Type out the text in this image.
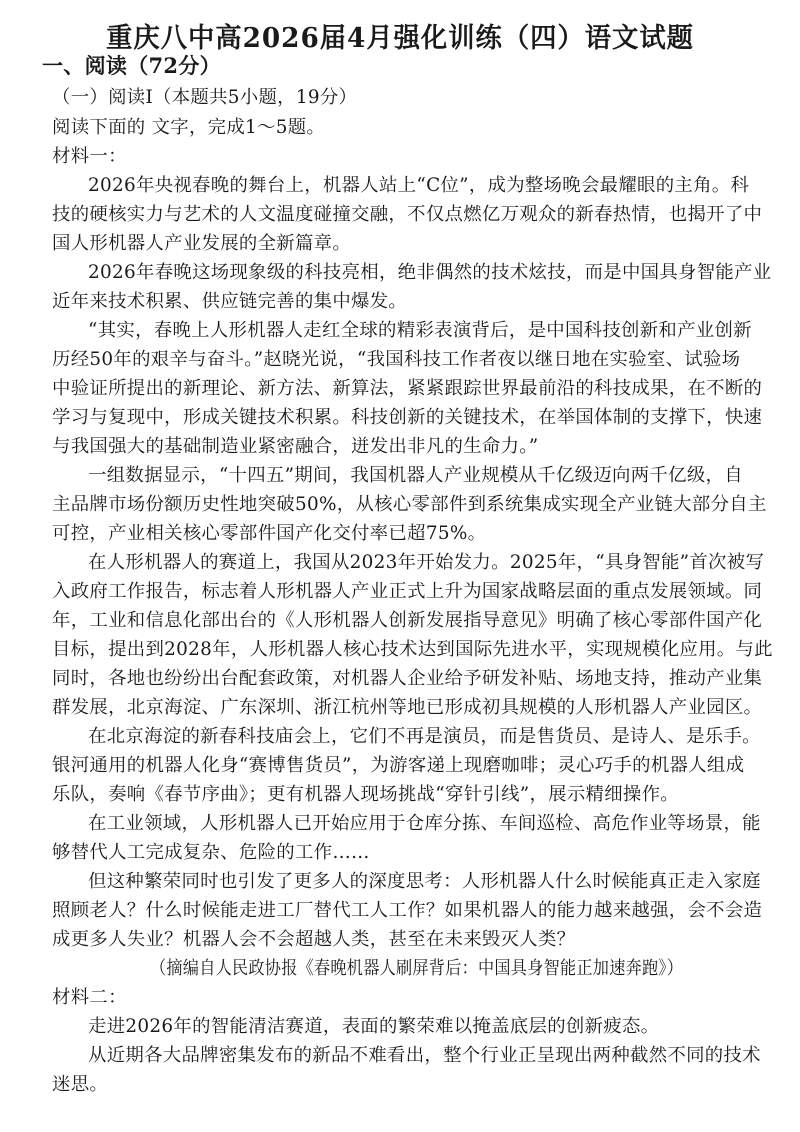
重庆八中高2026届4月强化训练（四）语文试题
一、阅读（72分）
（一）阅读I（本题共5小题，19分）
阅读下面的 文字，完成1～5题。
材料一：
2026年央视春晚的舞台上，机器人站上“C位”，成为整场晚会最耀眼的主角。科
技的硬核实力与艺术的人文温度碰撞交融，不仅点燃亿万观众的新春热情，也揭开了中
国人形机器人产业发展的全新篇章。
2026年春晚这场现象级的科技亮相，绝非偶然的技术炫技，而是中国具身智能产业
近年来技术积累、供应链完善的集中爆发。
“其实，春晚上人形机器人走红全球的精彩表演背后，是中国科技创新和产业创新
历经50年的艰辛与奋斗。”赵晓光说，“我国科技工作者夜以继日地在实验室、试验场
中验证所提出的新理论、新方法、新算法，紧紧跟踪世界最前沿的科技成果，在不断的
学习与复现中，形成关键技术积累。科技创新的关键技术，在举国体制的支撑下，快速
与我国强大的基础制造业紧密融合，迸发出非凡的生命力。”
一组数据显示，“十四五”期间，我国机器人产业规模从千亿级迈向两千亿级，自
主品牌市场份额历史性地突破50%，从核心零部件到系统集成实现全产业链大部分自主
可控，产业相关核心零部件国产化交付率已超75%。
在人形机器人的赛道上，我国从2023年开始发力。2025年，“具身智能”首次被写
入政府工作报告，标志着人形机器人产业正式上升为国家战略层面的重点发展领域。同
年，工业和信息化部出台的《人形机器人创新发展指导意见》明确了核心零部件国产化
目标，提出到2028年，人形机器人核心技术达到国际先进水平，实现规模化应用。与此
同时，各地也纷纷出台配套政策，对机器人企业给予研发补贴、场地支持，推动产业集
群发展，北京海淀、广东深圳、浙江杭州等地已形成初具规模的人形机器人产业园区。
在北京海淀的新春科技庙会上，它们不再是演员，而是售货员、是诗人、是乐手。
银河通用的机器人化身“赛博售货员”，为游客递上现磨咖啡；灵心巧手的机器人组成
乐队，奏响《春节序曲》；更有机器人现场挑战“穿针引线”，展示精细操作。
在工业领域，人形机器人已开始应用于仓库分拣、车间巡检、高危作业等场景，能
够替代人工完成复杂、危险的工作……
但这种繁荣同时也引发了更多人的深度思考：人形机器人什么时候能真正走入家庭
照顾老人？什么时候能走进工厂替代工人工作？如果机器人的能力越来越强，会不会造
成更多人失业？机器人会不会超越人类，甚至在未来毁灭人类？
（摘编自人民政协报《春晚机器人刷屏背后：中国具身智能正加速奔跑》）
材料二：
走进2026年的智能清洁赛道，表面的繁荣难以掩盖底层的创新疲态。
从近期各大品牌密集发布的新品不难看出，整个行业正呈现出两种截然不同的技术
迷思。
